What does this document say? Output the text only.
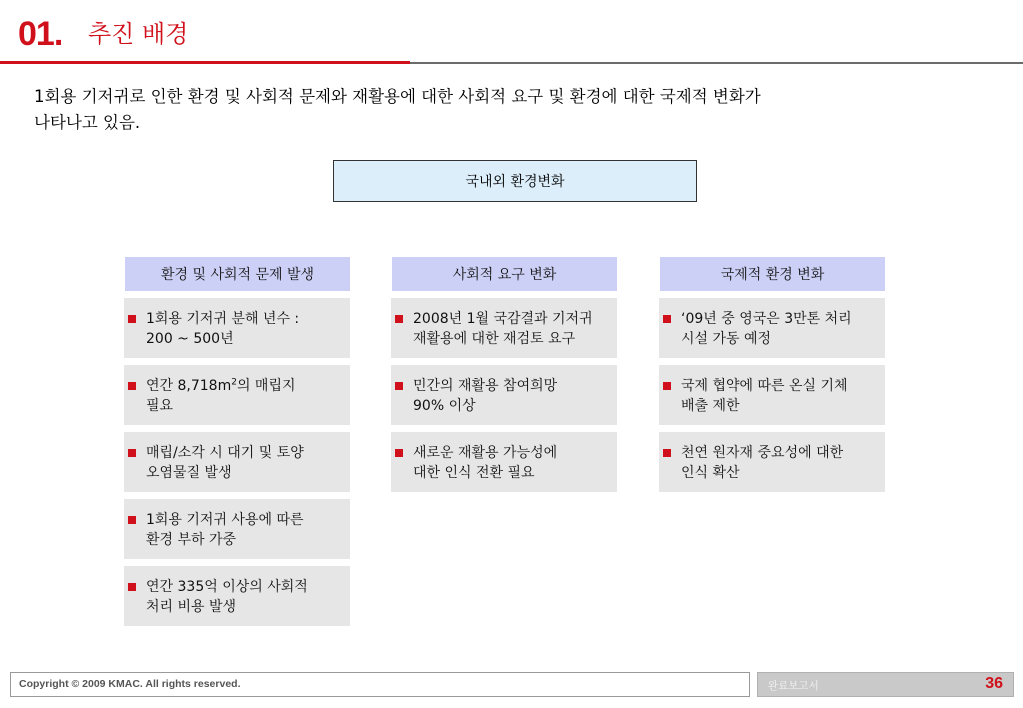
01. 추진 배경
1회용 기저귀로 인한 환경 및 사회적 문제와 재활용에 대한 사회적 요구 및 환경에 대한 국제적 변화가
나타나고 있음.
국내외 환경변화
환경 및 사회적 문제 발생	사회적 요구 변화	국제적 환경 변화
1회용 기저귀 분해 년수 :
200 ~ 500년
연간 $8,718m^2$의 매립지
필요
매립/소각 시 대기 및 토양
오염물질 발생
1회용 기저귀 사용에 따른
환경 부하 가중
연간 335억 이상의 사회적
처리 비용 발생
2008년 1월 국감결과 기저귀
재활용에 대한 재검토 요구
민간의 재활용 참여희망
90% 이상
새로운 재활용 가능성에
대한 인식 전환 필요
‘09년 중 영국은 3만톤 처리
시설 가동 예정
국제 협약에 따른 온실 기체
배출 제한
천연 원자재 중요성에 대한
인식 확산
Copyright © 2009 KMAC. All rights reserved.	완료보고서	36
